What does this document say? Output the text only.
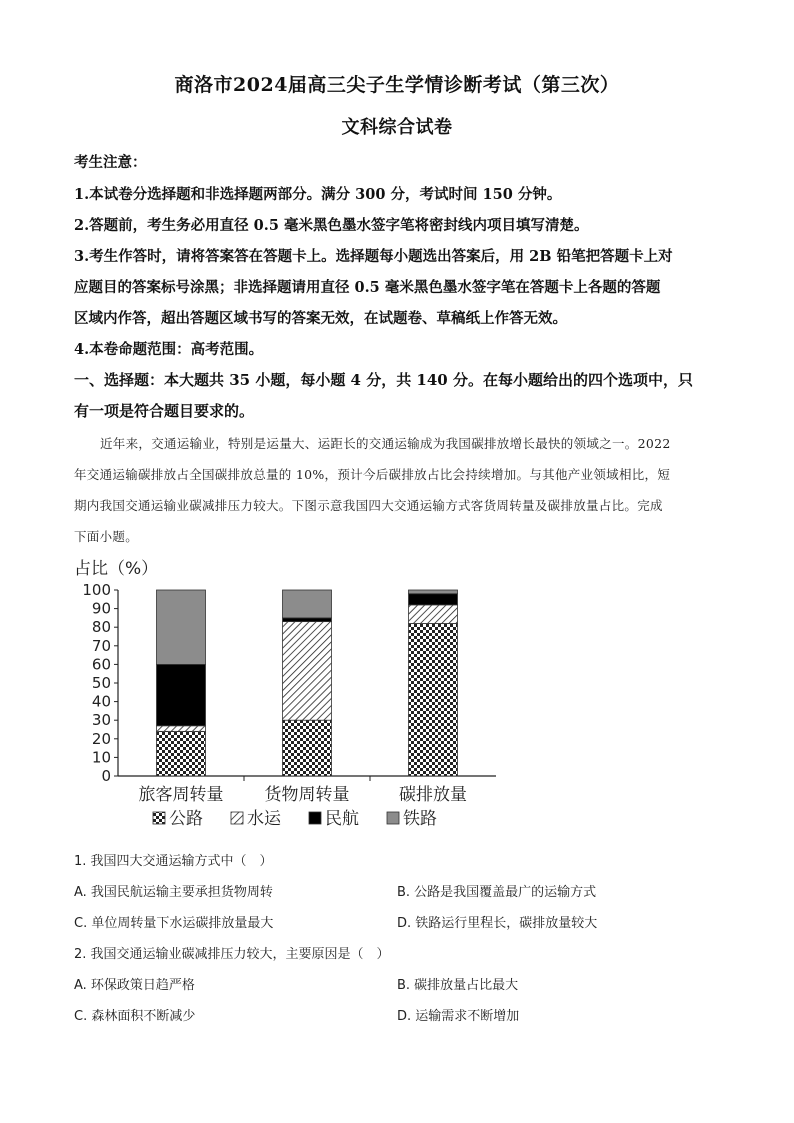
商洛市2024届高三尖子生学情诊断考试（第三次）
文科综合试卷
考生注意：
1.本试卷分选择题和非选择题两部分。满分 300 分，考试时间 150 分钟。
2.答题前，考生务必用直径 0.5 毫米黑色墨水签字笔将密封线内项目填写清楚。
3.考生作答时，请将答案答在答题卡上。选择题每小题选出答案后，用 2B 铅笔把答题卡上对
应题目的答案标号涂黑；非选择题请用直径 0.5 毫米黑色墨水签字笔在答题卡上各题的答题
区域内作答，超出答题区域书写的答案无效，在试题卷、草稿纸上作答无效。
4.本卷命题范围：高考范围。
一、选择题：本大题共 35 小题，每小题 4 分，共 140 分。在每小题给出的四个选项中，只
有一项是符合题目要求的。
近年来，交通运输业，特别是运量大、运距长的交通运输成为我国碳排放增长最快的领域之一。2022
年交通运输碳排放占全国碳排放总量的 10%，预计今后碳排放占比会持续增加。与其他产业领域相比，短
期内我国交通运输业碳减排压力较大。下图示意我国四大交通运输方式客货周转量及碳排放量占比。完成
下面小题。
占比（%）
0
10
20
30
40
50
60
70
80
90
100
旅客周转量 货物周转量	碳排放量
公路	水运	民航	铁路
1. 我国四大交通运输方式中（　）
A. 我国民航运输主要承担货物周转	B. 公路是我国覆盖最广的运输方式
C. 单位周转量下水运碳排放量最大	D. 铁路运行里程长，碳排放量较大
2. 我国交通运输业碳减排压力较大，主要原因是（　）
A. 环保政策日趋严格	B. 碳排放量占比最大
C. 森林面积不断减少	D. 运输需求不断增加
